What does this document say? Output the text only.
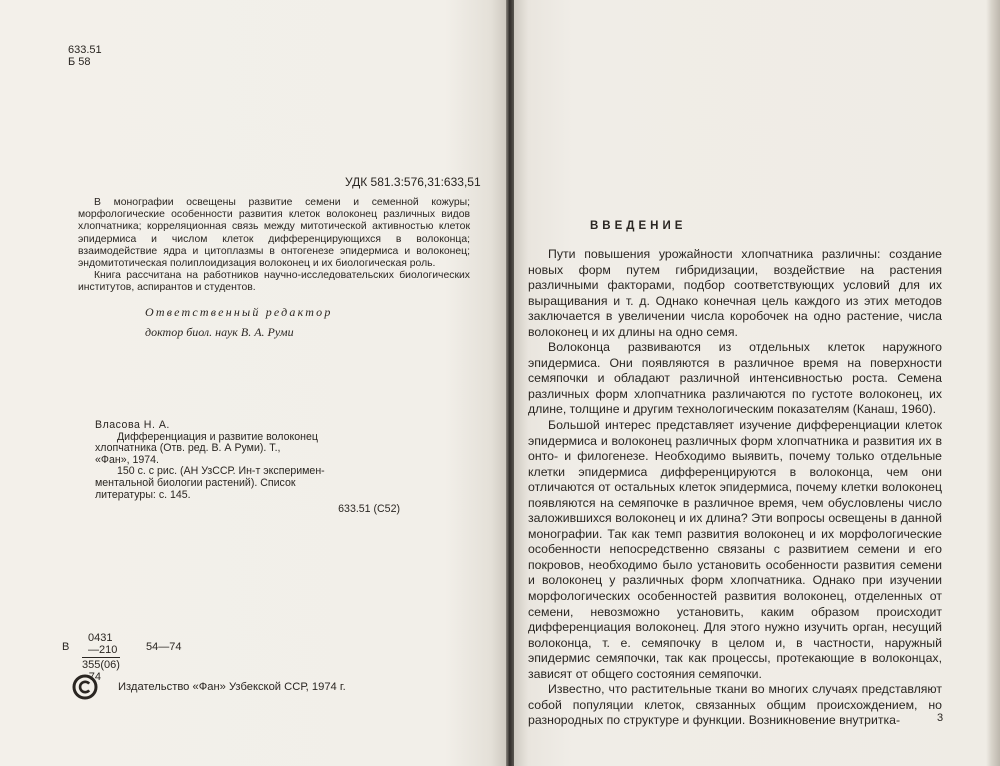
633.51
Б 58
УДК 581.3:576,31:633,51

В монографии освещены развитие семени и семенной кожуры; морфологические особенности развития клеток волоконец различных видов хлопчатника; корреляционная связь между митотической активностью клеток эпидермиса и числом клеток дифференцирующихся в волоконца; взаимодействие ядра и цитоплазмы в онтогенезе эпидермиса и волоконец; эндомитотическая полиплоидизация волоконец и их биологическая роль.

Книга рассчитана на работников научно-исследовательских биологических институтов, аспирантов и студентов.

Ответственный редактор
доктор биол. наук В. А. Руми
Власова Н. А.
Дифференциация и развитие волоконец
хлопчатника (Отв. ред. В. А Руми). Т.,
«Фан», 1974.
150 с. с рис. (АН УзССР. Ин-т эксперимен-
ментальной биологии растений). Список
литературы: с. 145.
633.51 (С52)
В $\frac{0431—210}{355(06) - 74}$ 54—74
Издательство «Фан» Узбекской ССР, 1974 г.
ВВЕДЕНИЕ

Пути повышения урожайности хлопчатника различны: создание новых форм путем гибридизации, воздействие на растения различными факторами, подбор соответствующих условий для их выращивания и т. д. Однако конечная цель каждого из этих методов заключается в увеличении числа коробочек на одно растение, числа волоконец и их длины на одно семя.

Волоконца развиваются из отдельных клеток наружного эпидермиса. Они появляются в различное время на поверхности семяпочки и обладают различной интенсивностью роста. Семена различных форм хлопчатника различаются по густоте волоконец, их длине, толщине и другим технологическим показателям (Канаш, 1960).

Большой интерес представляет изучение дифференциации клеток эпидермиса и волоконец различных форм хлопчатника и развития их в онто- и филогенезе. Необходимо выявить, почему только отдельные клетки эпидермиса дифференцируются в волоконца, чем они отличаются от остальных клеток эпидермиса, почему клетки волоконец появляются на семяпочке в различное время, чем обусловлены число заложившихся волоконец и их длина? Эти вопросы освещены в данной монографии. Так как темп развития волоконец и их морфологические особенности непосредственно связаны с развитием семени и его покровов, необходимо было установить особенности развития семени и волоконец у различных форм хлопчатника. Однако при изучении морфологических особенностей развития волоконец, отделенных от семени, невозможно установить, каким образом происходит дифференциация волоконец. Для этого нужно изучить орган, несущий волоконца, т. е. семяпочку в целом и, в частности, наружный эпидермис семяпочки, так как процессы, протекающие в волоконцах, зависят от общего состояния семяпочки.

Известно, что растительные ткани во многих случаях представляют собой популяции клеток, связанных общим происхождением, но разнородных по структуре и функции. Возникновение внутритка-	3
